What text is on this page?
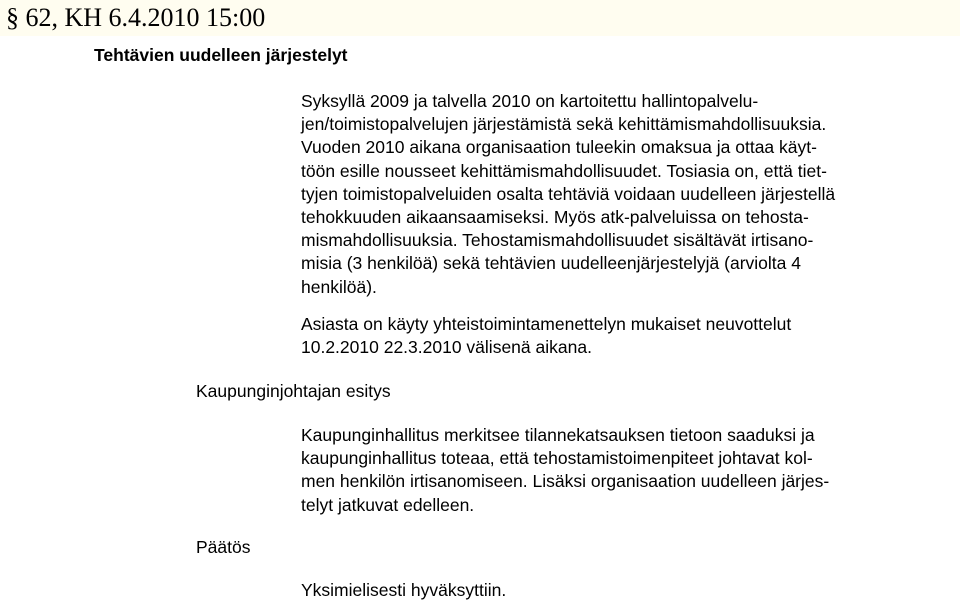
§ 62, KH 6.4.2010 15:00
Tehtävien uudelleen järjestelyt
Syksyllä 2009 ja talvella 2010 on kartoitettu hallintopalvelu-
jen/toimistopalvelujen järjestämistä sekä kehittämismahdollisuuksia.
Vuoden 2010 aikana organisaation tuleekin omaksua ja ottaa käyt-
töön esille nousseet kehittämismahdollisuudet. Tosiasia on, että tiet-
tyjen toimistopalveluiden osalta tehtäviä voidaan uudelleen järjestellä
tehokkuuden aikaansaamiseksi. Myös atk-palveluissa on tehosta-
mismahdollisuuksia. Tehostamismahdollisuudet sisältävät irtisano-
misia (3 henkilöä) sekä tehtävien uudelleenjärjestelyjä (arviolta 4
henkilöä).
Asiasta on käyty yhteistoimintamenettelyn mukaiset neuvottelut
10.2.2010 22.3.2010 välisenä aikana.
Kaupunginjohtajan esitys
Kaupunginhallitus merkitsee tilannekatsauksen tietoon saaduksi ja
kaupunginhallitus toteaa, että tehostamistoimenpiteet johtavat kol-
men henkilön irtisanomiseen. Lisäksi organisaation uudelleen järjes-
telyt jatkuvat edelleen.
Päätös
Yksimielisesti hyväksyttiin.
